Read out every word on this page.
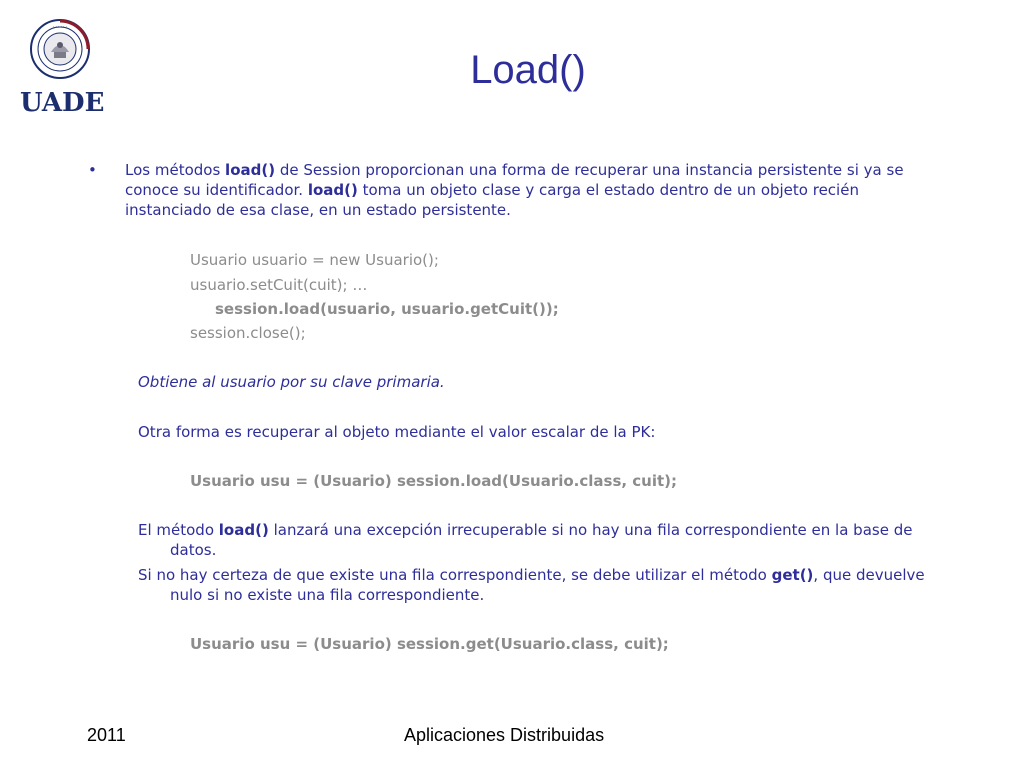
· · · · · ·
UADE
Load()
• Los métodos load() de Session proporcionan una forma de recuperar una instancia persistente si ya se

conoce su identificador. load() toma un objeto clase y carga el estado dentro de un objeto recién

instanciado de esa clase, en un estado persistente.

Usuario usuario = new Usuario();

usuario.setCuit(cuit); …

session.load(usuario, usuario.getCuit());

session.close();

Obtiene al usuario por su clave primaria.

Otra forma es recuperar al objeto mediante el valor escalar de la PK:

Usuario usu = (Usuario) session.load(Usuario.class, cuit);

El método load() lanzará una excepción irrecuperable si no hay una fila correspondiente en la base de

datos.

Si no hay certeza de que existe una fila correspondiente, se debe utilizar el método get(), que devuelve

nulo si no existe una fila correspondiente.

Usuario usu = (Usuario) session.get(Usuario.class, cuit);

2011	Aplicaciones Distribuidas
